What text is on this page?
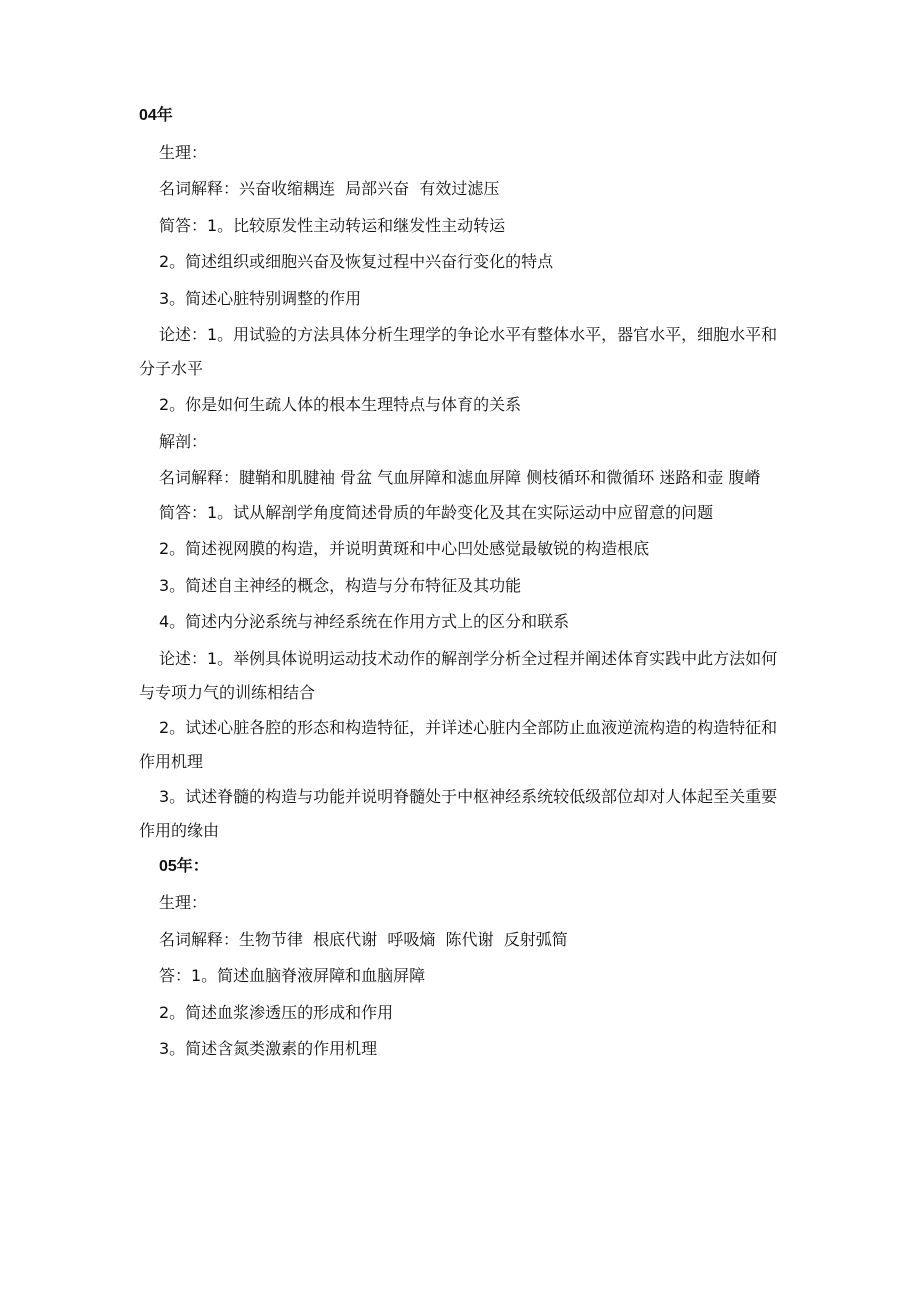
04年
生理：
名词解释：兴奋收缩耦连  局部兴奋  有效过滤压
简答：1。比较原发性主动转运和继发性主动转运
2。简述组织或细胞兴奋及恢复过程中兴奋行变化的特点
3。简述心脏特别调整的作用
论述：1。用试验的方法具体分析生理学的争论水平有整体水平，器官水平，细胞水平和分子水平
2。你是如何生疏人体的根本生理特点与体育的关系
解剖：
名词解释：腱鞘和肌腱袖 骨盆 气血屏障和滤血屏障 侧枝循环和微循环 迷路和壶 腹嵴
简答：1。试从解剖学角度简述骨质的年龄变化及其在实际运动中应留意的问题
2。简述视网膜的构造，并说明黄斑和中心凹处感觉最敏锐的构造根底
3。简述自主神经的概念，构造与分布特征及其功能
4。简述内分泌系统与神经系统在作用方式上的区分和联系
论述：1。举例具体说明运动技术动作的解剖学分析全过程并阐述体育实践中此方法如何与专项力气的训练相结合
2。试述心脏各腔的形态和构造特征，并详述心脏内全部防止血液逆流构造的构造特征和作用机理
3。试述脊髓的构造与功能并说明脊髓处于中枢神经系统较低级部位却对人体起至关重要作用的缘由
05年：
生理：
名词解释：生物节律  根底代谢  呼吸熵  陈代谢  反射弧简
答：1。简述血脑脊液屏障和血脑屏障
2。简述血浆渗透压的形成和作用
3。简述含氮类激素的作用机理
